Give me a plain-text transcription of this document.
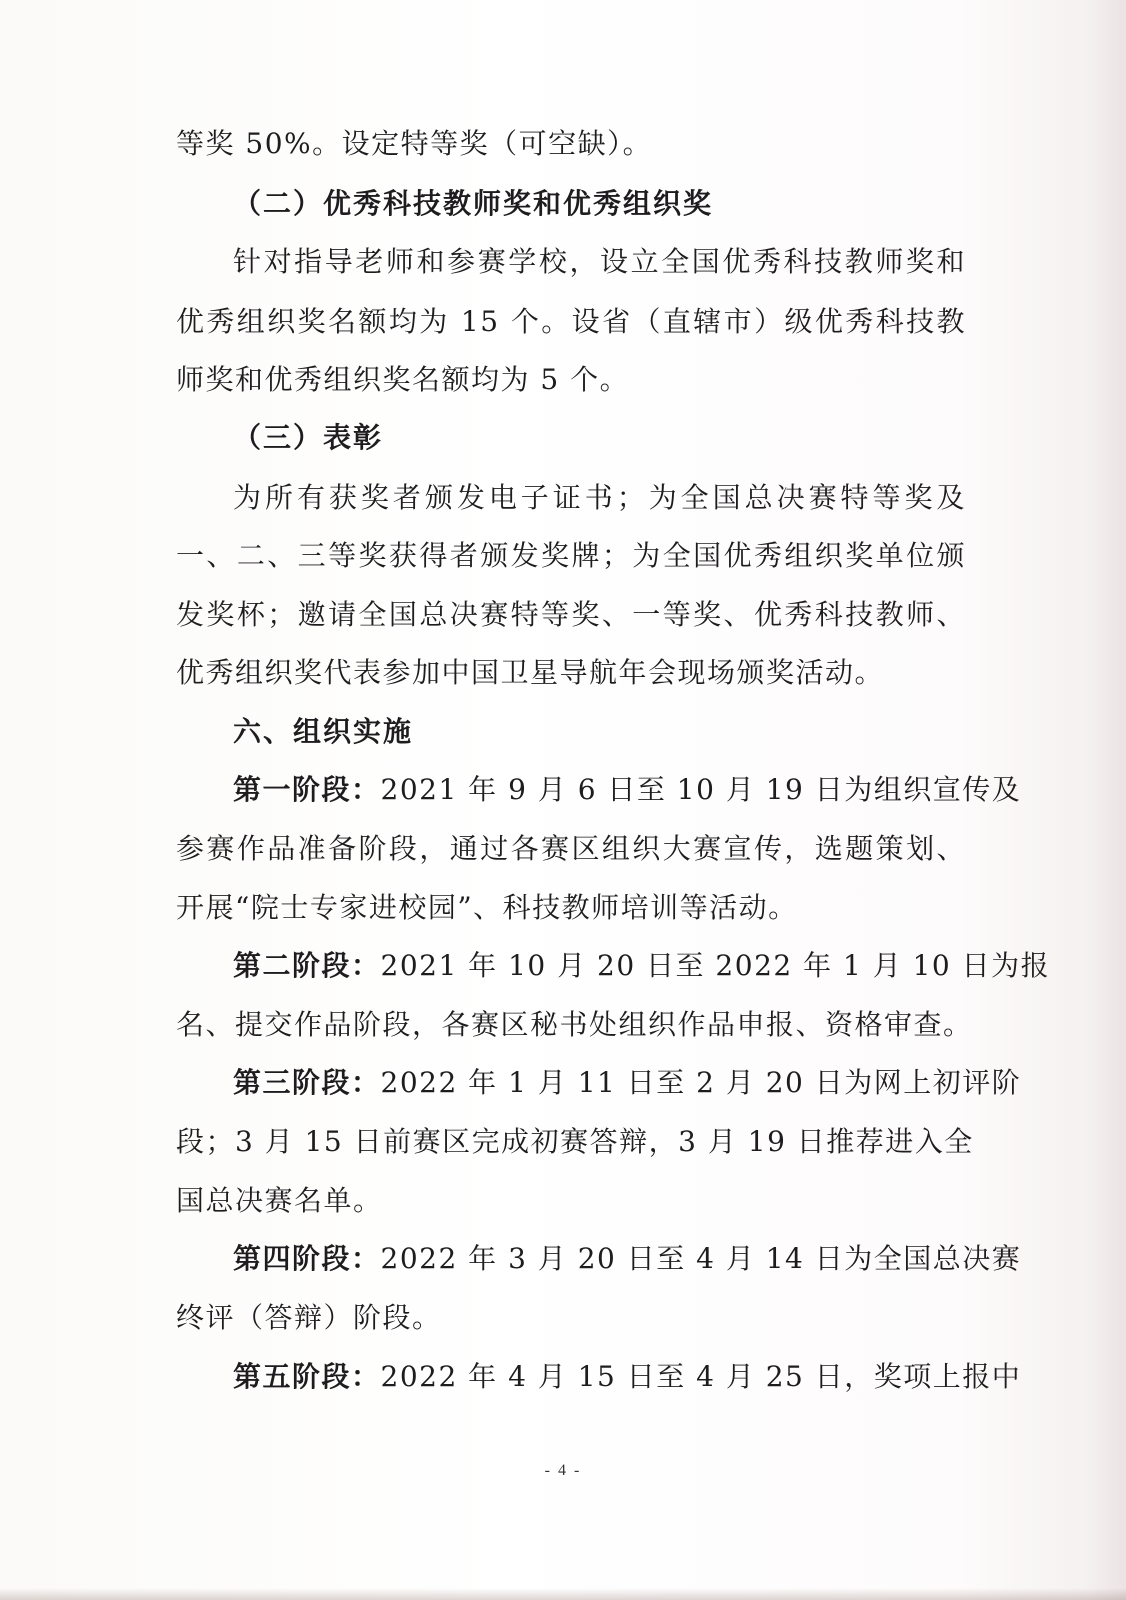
等奖 50%。设定特等奖（可空缺）。
（二）优秀科技教师奖和优秀组织奖
针对指导老师和参赛学校，设立全国优秀科技教师奖和
优秀组织奖名额均为 15 个。设省（直辖市）级优秀科技教
师奖和优秀组织奖名额均为 5 个。
（三）表彰
为所有获奖者颁发电子证书；为全国总决赛特等奖及
一、二、三等奖获得者颁发奖牌；为全国优秀组织奖单位颁
发奖杯；邀请全国总决赛特等奖、一等奖、优秀科技教师、
优秀组织奖代表参加中国卫星导航年会现场颁奖活动。
六、组织实施
第一阶段：2021 年 9 月 6 日至 10 月 19 日为组织宣传及
参赛作品准备阶段，通过各赛区组织大赛宣传，选题策划、
开展“院士专家进校园”、科技教师培训等活动。
第二阶段：2021 年 10 月 20 日至 2022 年 1 月 10 日为报
名、提交作品阶段，各赛区秘书处组织作品申报、资格审查。
第三阶段：2022 年 1 月 11 日至 2 月 20 日为网上初评阶
段；3 月 15 日前赛区完成初赛答辩，3 月 19 日推荐进入全
国总决赛名单。
第四阶段：2022 年 3 月 20 日至 4 月 14 日为全国总决赛
终评（答辩）阶段。
第五阶段：2022 年 4 月 15 日至 4 月 25 日，奖项上报中
- 4 -
